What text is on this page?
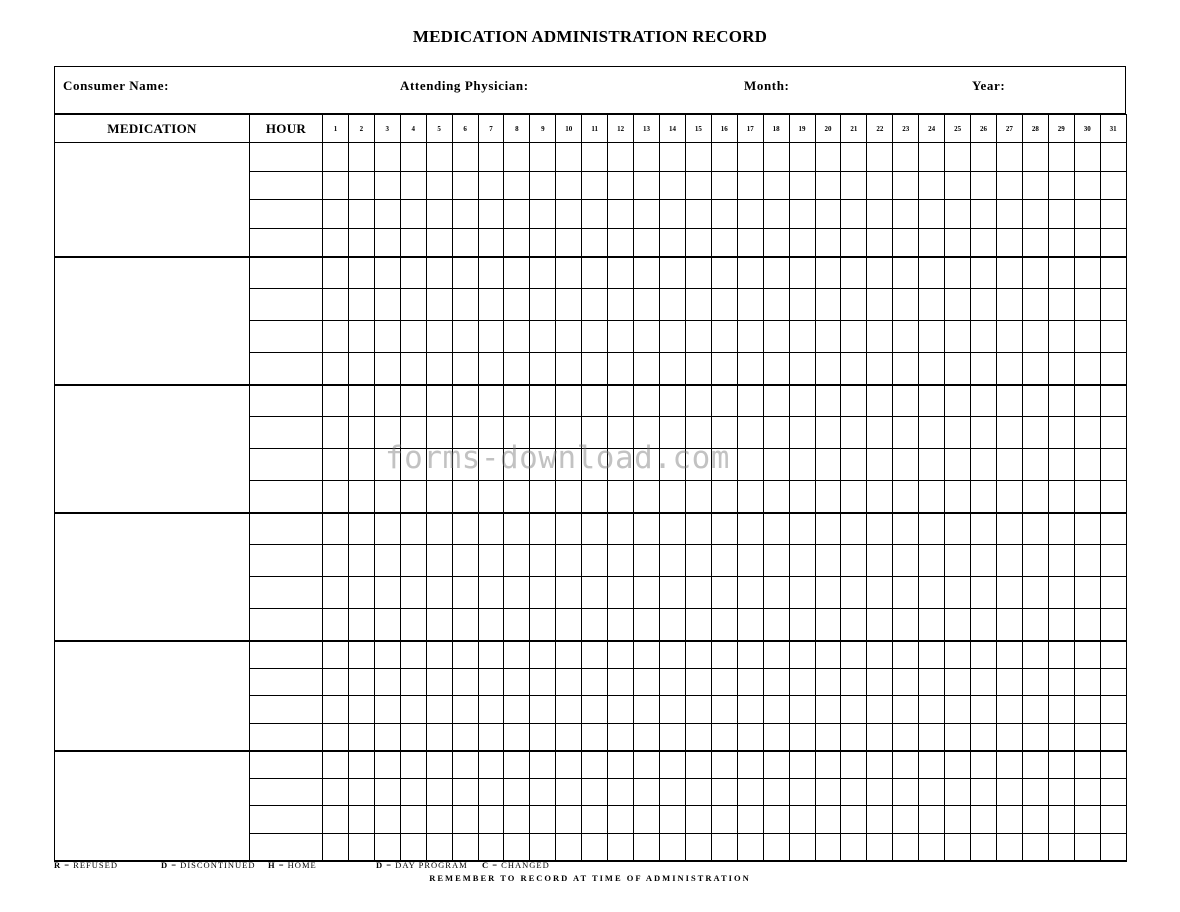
MEDICATION ADMINISTRATION RECORD
Consumer Name:	Attending Physician:	Month:	Year:
MEDICATION	HOUR	1	2	3	4	5	6	7	8	9	10	11	12	13	14	15	16	17	18	19	20	21	22	23	24	25	26	27	28	29	30	31

forms-download.com
R = REFUSED	D = DISCONTINUED H = HOME	D = DAY PROGRAM C = CHANGED
REMEMBER TO RECORD AT TIME OF ADMINISTRATION
